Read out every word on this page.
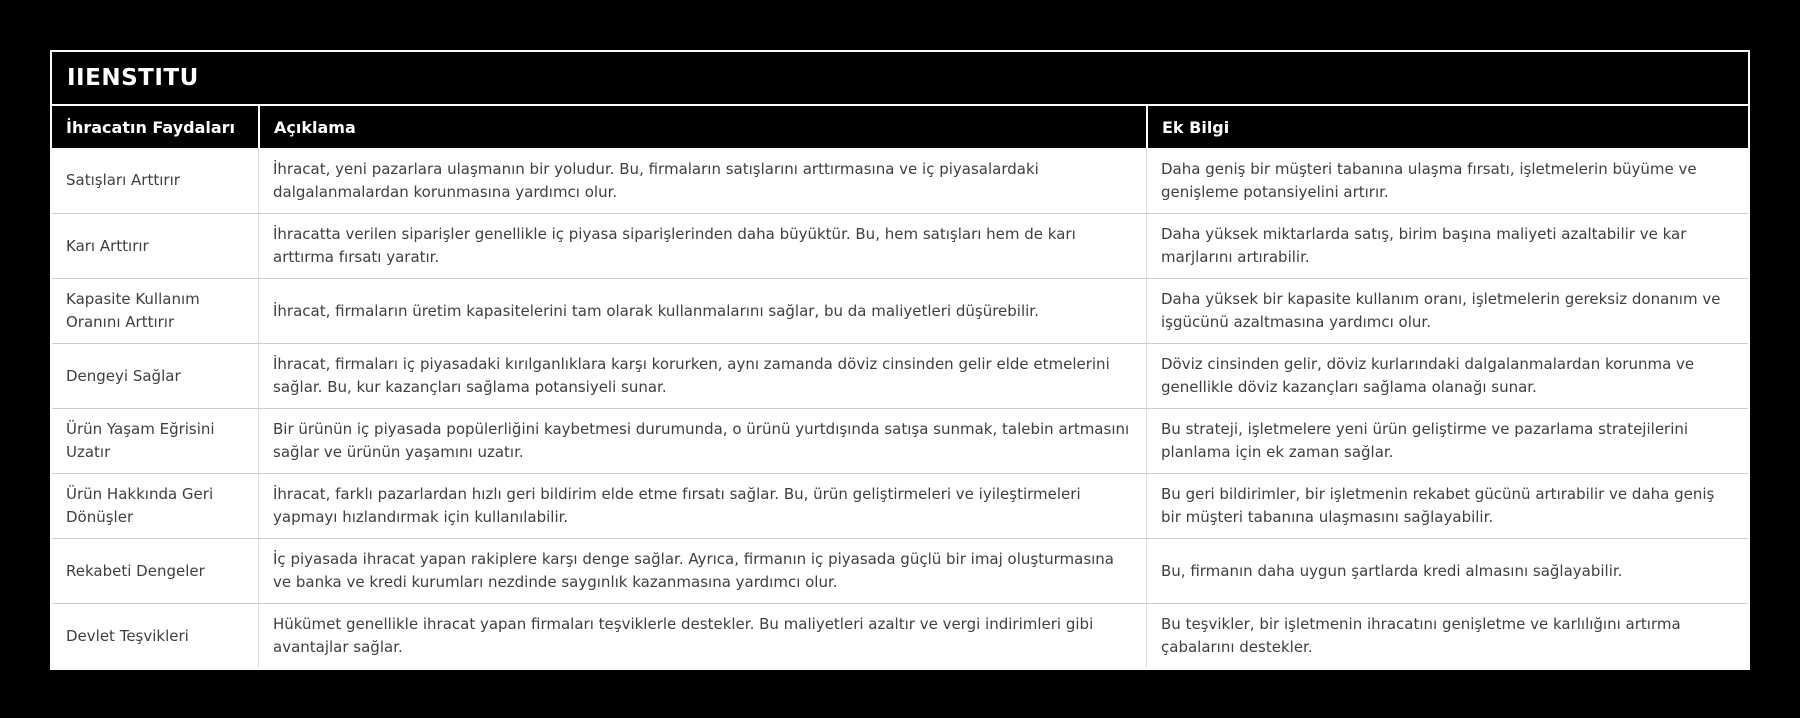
IIENSTITU
İhracatın Faydaları	Açıklama	Ek Bilgi
Satışları Arttırır	İhracat, yeni pazarlara ulaşmanın bir yoludur. Bu, firmaların satışlarını arttırmasına ve iç piyasalardaki dalgalanmalardan korunmasına yardımcı olur.	Daha geniş bir müşteri tabanına ulaşma fırsatı, işletmelerin büyüme ve genişleme potansiyelini artırır.
Karı Arttırır	İhracatta verilen siparişler genellikle iç piyasa siparişlerinden daha büyüktür. Bu, hem satışları hem de karı arttırma fırsatı yaratır.	Daha yüksek miktarlarda satış, birim başına maliyeti azaltabilir ve kar marjlarını artırabilir.
Kapasite Kullanım Oranını Arttırır	İhracat, firmaların üretim kapasitelerini tam olarak kullanmalarını sağlar, bu da maliyetleri düşürebilir.	Daha yüksek bir kapasite kullanım oranı, işletmelerin gereksiz donanım ve işgücünü azaltmasına yardımcı olur.
Dengeyi Sağlar	İhracat, firmaları iç piyasadaki kırılganlıklara karşı korurken, aynı zamanda döviz cinsinden gelir elde etmelerini sağlar. Bu, kur kazançları sağlama potansiyeli sunar.	Döviz cinsinden gelir, döviz kurlarındaki dalgalanmalardan korunma ve genellikle döviz kazançları sağlama olanağı sunar.
Ürün Yaşam Eğrisini Uzatır	Bir ürünün iç piyasada popülerliğini kaybetmesi durumunda, o ürünü yurtdışında satışa sunmak, talebin artmasını sağlar ve ürünün yaşamını uzatır.	Bu strateji, işletmelere yeni ürün geliştirme ve pazarlama stratejilerini planlama için ek zaman sağlar.
Ürün Hakkında Geri Dönüşler	İhracat, farklı pazarlardan hızlı geri bildirim elde etme fırsatı sağlar. Bu, ürün geliştirmeleri ve iyileştirmeleri yapmayı hızlandırmak için kullanılabilir.	Bu geri bildirimler, bir işletmenin rekabet gücünü artırabilir ve daha geniş bir müşteri tabanına ulaşmasını sağlayabilir.
Rekabeti Dengeler	İç piyasada ihracat yapan rakiplere karşı denge sağlar. Ayrıca, firmanın iç piyasada güçlü bir imaj oluşturmasına ve banka ve kredi kurumları nezdinde saygınlık kazanmasına yardımcı olur.	Bu, firmanın daha uygun şartlarda kredi almasını sağlayabilir.
Devlet Teşvikleri	Hükümet genellikle ihracat yapan firmaları teşviklerle destekler. Bu maliyetleri azaltır ve vergi indirimleri gibi avantajlar sağlar.	Bu teşvikler, bir işletmenin ihracatını genişletme ve karlılığını artırma çabalarını destekler.
